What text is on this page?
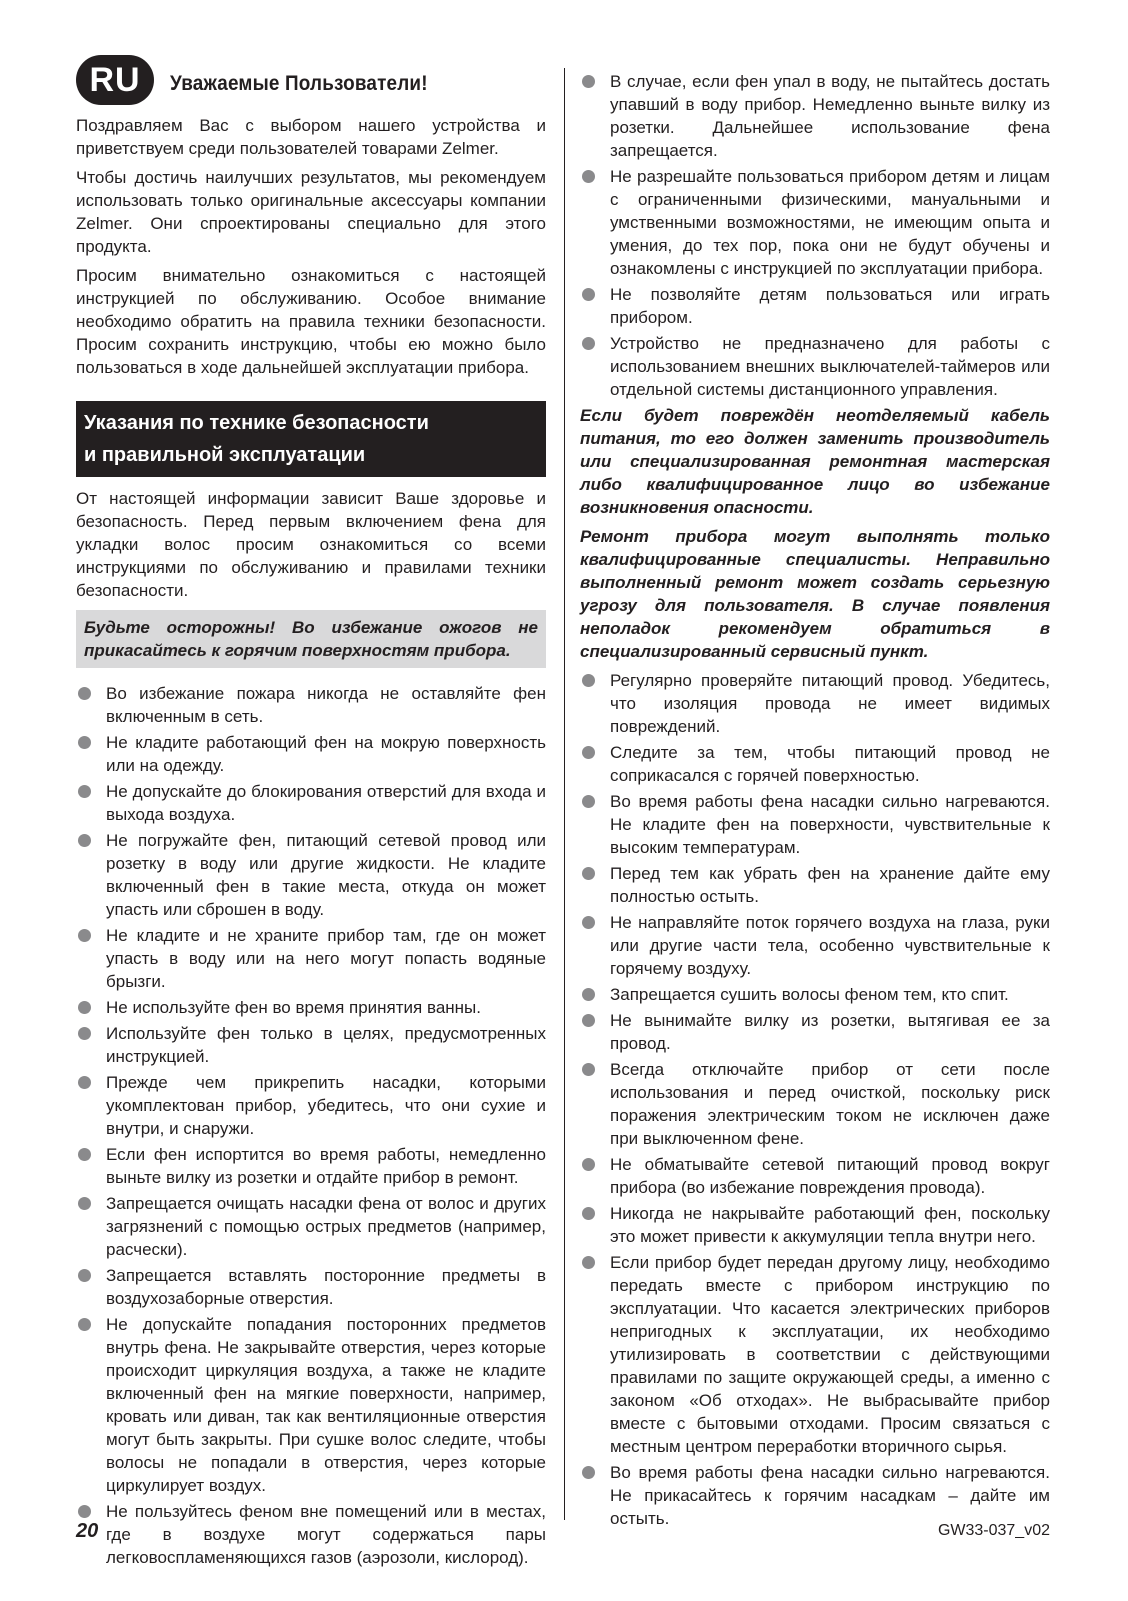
RU	Уважаемые Пользователи!

Поздравляем Вас с выбором нашего устройства и приветствуем среди пользователей товарами Zelmer.

Чтобы достичь наилучших результатов, мы рекомендуем использовать только оригинальные аксессуары компании Zelmer. Они спроектированы специально для этого продукта.

Просим внимательно ознакомиться с настоящей инструкцией по обслуживанию. Особое внимание необходимо обратить на правила техники безопасности. Просим сохранить инструкцию, чтобы ею можно было пользоваться в ходе дальнейшей эксплуатации прибора.

Указания по технике безопасности
и правильной эксплуатации

От настоящей информации зависит Ваше здоровье и безопасность. Перед первым включением фена для укладки волос просим ознакомиться со всеми инструкциями по обслуживанию и правилами техники безопасности.

Будьте осторожны! Во избежание ожогов не прикасайтесь к горячим поверхностям прибора.
Во избежание пожара никогда не оставляйте фен включенным в сеть.
Не кладите работающий фен на мокрую поверхность или на одежду.
Не допускайте до блокирования отверстий для входа и выхода воздуха.
Не погружайте фен, питающий сетевой провод или розетку в воду или другие жидкости. Не кладите включенный фен в такие места, откуда он может упасть или сброшен в воду.
Не кладите и не храните прибор там, где он может упасть в воду или на него могут попасть водяные брызги.
Не используйте фен во время принятия ванны.
Используйте фен только в целях, предусмотренных инструкцией.
Прежде чем прикрепить насадки, которыми укомплектован прибор, убедитесь, что они сухие и внутри, и снаружи.
Если фен испортится во время работы, немедленно выньте вилку из розетки и отдайте прибор в ремонт.
Запрещается очищать насадки фена от волос и других загрязнений с помощью острых предметов (например, расчески).
Запрещается вставлять посторонние предметы в воздухозаборные отверстия.
Не допускайте попадания посторонних предметов внутрь фена. Не закрывайте отверстия, через которые происходит циркуляция воздуха, а также не кладите включенный фен на мягкие поверхности, например, кровать или диван, так как вентиляционные отверстия могут быть закрыты. При сушке волос следите, чтобы волосы не попадали в отверстия, через которые циркулирует воздух.
Не пользуйтесь феном вне помещений или в местах, где в воздухе могут содержаться пары легковоспламеняющихся газов (аэрозоли, кислород).
В случае, если фен упал в воду, не пытайтесь достать упавший в воду прибор. Немедленно выньте вилку из розетки. Дальнейшее использование фена запрещается.
Не разрешайте пользоваться прибором детям и лицам с ограниченными физическими, мануальными и умственными возможностями, не имеющим опыта и умения, до тех пор, пока они не будут обучены и ознакомлены с инструкцией по эксплуатации прибора.
Не позволяйте детям пользоваться или играть прибором.
Устройство не предназначено для работы с использованием внешних выключателей-таймеров или отдельной системы дистанционного управления.

Если будет повреждён неотделяемый кабель питания, то его должен заменить производитель или специализированная ремонтная мастерская либо квалифицированное лицо во избежание возникновения опасности.

Ремонт прибора могут выполнять только квалифицированные специалисты. Неправильно выполненный ремонт может создать серьезную угрозу для пользователя. В случае появления неполадок рекомендуем обратиться в специализированный сервисный пункт.

Регулярно проверяйте питающий провод. Убедитесь, что изоляция провода не имеет видимых повреждений.
Следите за тем, чтобы питающий провод не соприкасался с горячей поверхностью.
Во время работы фена насадки сильно нагреваются. Не кладите фен на поверхности, чувствительные к высоким температурам.
Перед тем как убрать фен на хранение дайте ему полностью остыть.
Не направляйте поток горячего воздуха на глаза, руки или другие части тела, особенно чувствительные к горячему воздуху.
Запрещается сушить волосы феном тем, кто спит.
Не вынимайте вилку из розетки, вытягивая ее за провод.
Всегда отключайте прибор от сети после использования и перед очисткой, поскольку риск поражения электрическим током не исключен даже при выключенном фене.
Не обматывайте сетевой питающий провод вокруг прибора (во избежание повреждения провода).
Никогда не накрывайте работающий фен, поскольку это может привести к аккумуляции тепла внутри него.
Если прибор будет передан другому лицу, необходимо передать вместе с прибором инструкцию по эксплуатации. Что касается электрических приборов непригодных к эксплуатации, их необходимо утилизировать в соответствии с действующими правилами по защите окружающей среды, а именно с законом «Об отходах». Не выбрасывайте прибор вместе с бытовыми отходами. Просим связаться с местным центром переработки вторичного сырья.
Во время работы фена насадки сильно нагреваются. Не прикасайтесь к горячим насадкам – дайте им остыть.
20	GW33-037_v02
